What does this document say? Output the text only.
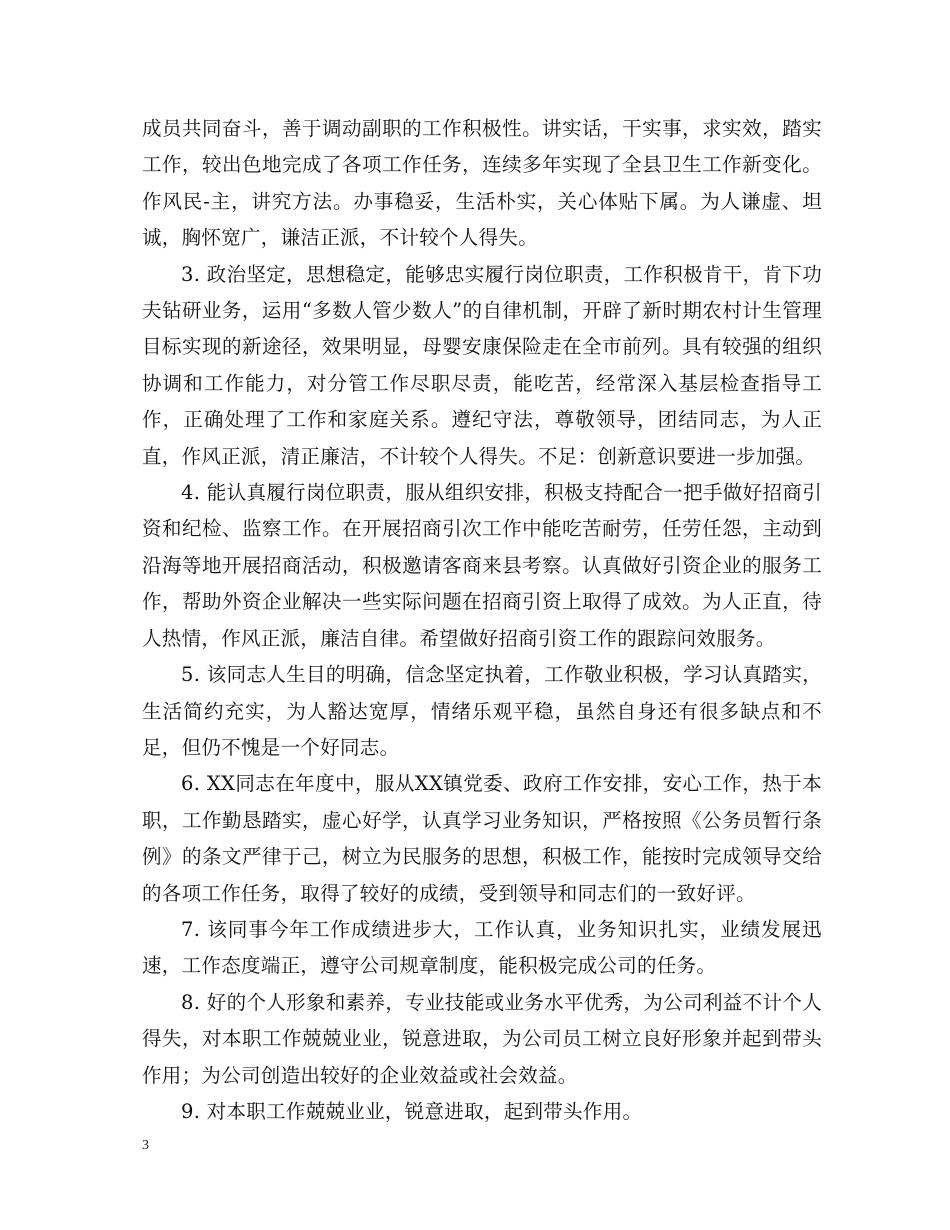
成员共同奋斗，善于调动副职的工作积极性。讲实话，干实事，求实效，踏实工作，较出色地完成了各项工作任务，连续多年实现了全县卫生工作新变化。作风民-主，讲究方法。办事稳妥，生活朴实，关心体贴下属。为人谦虚、坦诚，胸怀宽广，谦洁正派，不计较个人得失。

3. 政治坚定，思想稳定，能够忠实履行岗位职责，工作积极肯干，肯下功夫钻研业务，运用“多数人管少数人”的自律机制，开辟了新时期农村计生管理目标实现的新途径，效果明显，母婴安康保险走在全市前列。具有较强的组织协调和工作能力，对分管工作尽职尽责，能吃苦，经常深入基层检查指导工作，正确处理了工作和家庭关系。遵纪守法，尊敬领导，团结同志，为人正直，作风正派，清正廉洁，不计较个人得失。不足：创新意识要进一步加强。

4. 能认真履行岗位职责，服从组织安排，积极支持配合一把手做好招商引资和纪检、监察工作。在开展招商引次工作中能吃苦耐劳，任劳任怨，主动到沿海等地开展招商活动，积极邀请客商来县考察。认真做好引资企业的服务工作，帮助外资企业解决一些实际问题在招商引资上取得了成效。为人正直，待人热情，作风正派，廉洁自律。希望做好招商引资工作的跟踪问效服务。

5. 该同志人生目的明确，信念坚定执着，工作敬业积极，学习认真踏实，生活简约充实，为人豁达宽厚，情绪乐观平稳，虽然自身还有很多缺点和不足，但仍不愧是一个好同志。

6. XX同志在年度中，服从XX镇党委、政府工作安排，安心工作，热于本职，工作勤恳踏实，虚心好学，认真学习业务知识，严格按照《公务员暂行条例》的条文严律于己，树立为民服务的思想，积极工作，能按时完成领导交给的各项工作任务，取得了较好的成绩，受到领导和同志们的一致好评。

7. 该同事今年工作成绩进步大，工作认真，业务知识扎实，业绩发展迅速，工作态度端正，遵守公司规章制度，能积极完成公司的任务。

8. 好的个人形象和素养，专业技能或业务水平优秀，为公司利益不计个人得失，对本职工作兢兢业业，锐意进取，为公司员工树立良好形象并起到带头作用；为公司创造出较好的企业效益或社会效益。

9. 对本职工作兢兢业业，锐意进取，起到带头作用。

3
